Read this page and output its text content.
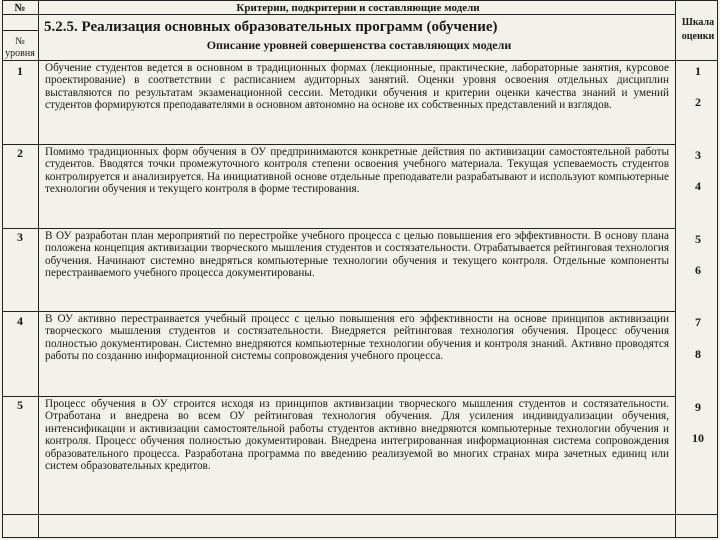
№	Критерии, подкритерии и составляющие модели
№ уровня
5.2.5. Реализация основных образовательных программ (обучение)
Описание уровней совершенства составляющих модели
Шкала оценки
1
2
3
4
5
Обучение студентов ведется в основном в традиционных формах (лекционные, практические, лабораторные занятия, курсовое проектирование) в соответствии с расписанием аудиторных занятий. Оценки уровня освоения отдельных дисциплин выставляются по результатам экзаменационной сессии. Методики обучения и критерии оценки качества знаний и умений студентов формируются преподавателями в основном автономно на основе их собственных представлений и взглядов.
Помимо традиционных форм обучения в ОУ предпринимаются конкретные действия по активизации самостоятельной работы студентов. Вводятся точки промежуточного контроля степени освоения учебного материала. Текущая успеваемость студентов контролируется и анализируется. На инициативной основе отдельные преподаватели разрабатывают и используют компьютерные технологии обучения и текущего контроля в форме тестирования.
В ОУ разработан план мероприятий по перестройке учебного процесса с целью повышения его эффективности. В основу плана положена концепция активизации творческого мышления студентов и состязательности. Отрабатывается рейтинговая технология обучения. Начинают системно внедряться компьютерные технологии обучения и текущего контроля. Отдельные компоненты перестраиваемого учебного процесса документированы.
В ОУ активно перестраивается учебный процесс с целью повышения его эффективности на основе принципов активизации творческого мышления студентов и состязательности. Внедряется рейтинговая технология обучения. Процесс обучения полностью документирован. Системно внедряются компьютерные технологии обучения и контроля знаний. Активно проводятся работы по созданию информационной системы сопровождения учебного процесса.
Процесс обучения в ОУ строится исходя из принципов активизации творческого мышления студентов и состязательности. Отработана и внедрена во всем ОУ рейтинговая технология обучения. Для усиления индивидуализации обучения, интенсификации и активизации самостоятельной работы студентов активно внедряются компьютерные технологии обучения и контроля. Процесс обучения полностью документирован. Внедрена интегрированная информационная система сопровождения образовательного процесса. Разработана программа по введению реализуемой во многих странах мира зачетных единиц или систем образовательных кредитов.
1
2
3
4
5
6
7
8
9
10
